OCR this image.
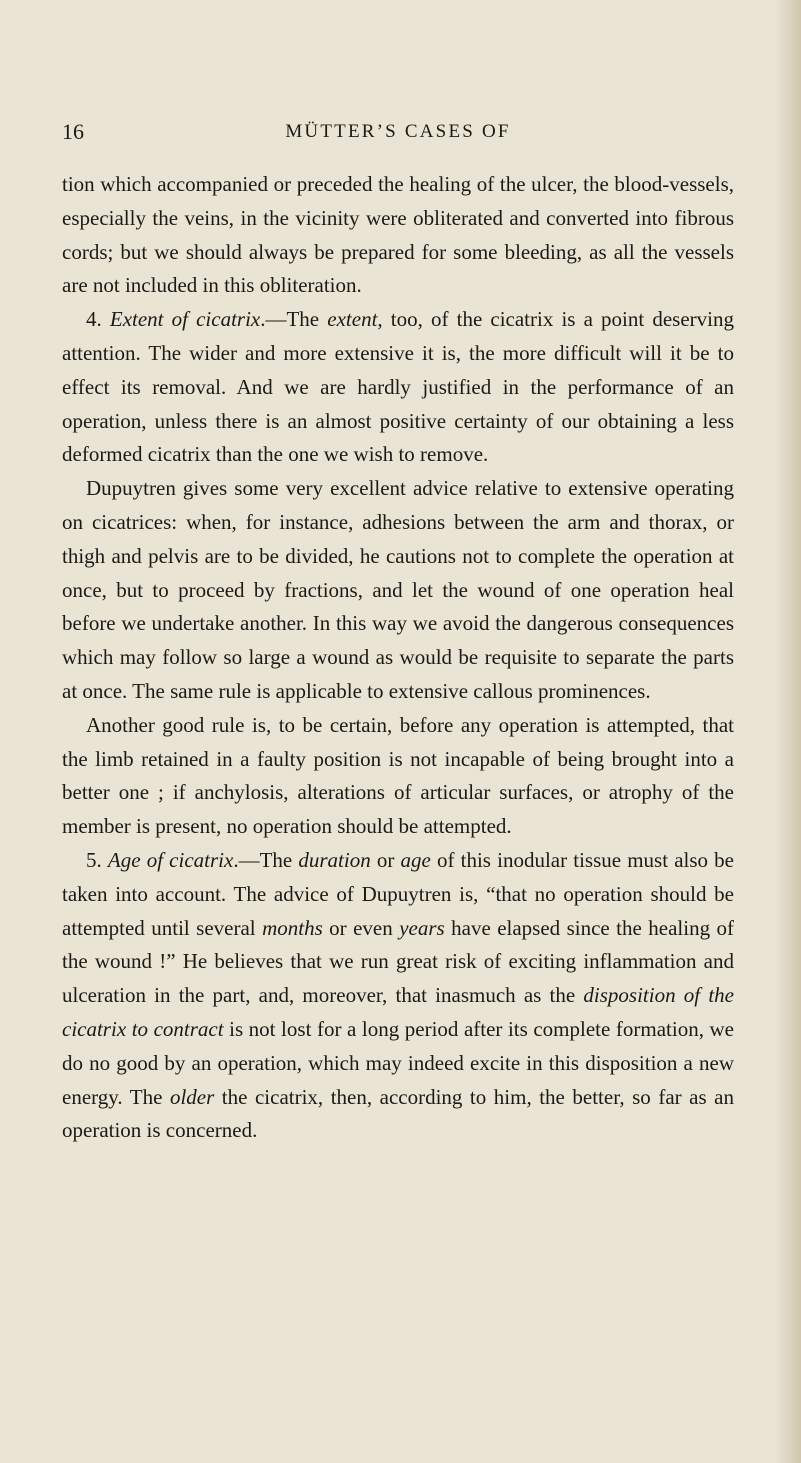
16	MÜTTER’S CASES OF

tion which accompanied or preceded the healing of the ulcer, the blood-vessels, especially the veins, in the vicinity were obliterated and converted into fibrous cords; but we should always be prepared for some bleeding, as all the vessels are not included in this obliteration.

4. Extent of cicatrix.—The extent, too, of the cicatrix is a point deserving attention. The wider and more extensive it is, the more difficult will it be to effect its removal. And we are hardly justified in the performance of an operation, unless there is an almost positive certainty of our obtaining a less deformed cicatrix than the one we wish to remove.

Dupuytren gives some very excellent advice relative to extensive operating on cicatrices: when, for instance, adhesions between the arm and thorax, or thigh and pelvis are to be divided, he cautions not to complete the operation at once, but to proceed by fractions, and let the wound of one operation heal before we undertake another. In this way we avoid the dangerous consequences which may follow so large a wound as would be requisite to separate the parts at once. The same rule is applicable to extensive callous prominences.

Another good rule is, to be certain, before any operation is attempted, that the limb retained in a faulty position is not incapable of being brought into a better one ; if anchylosis, alterations of articular surfaces, or atrophy of the member is present, no operation should be attempted.

5. Age of cicatrix.—The duration or age of this inodular tissue must also be taken into account. The advice of Dupuytren is, “that no operation should be attempted until several months or even years have elapsed since the healing of the wound !” He believes that we run great risk of exciting inflammation and ulceration in the part, and, moreover, that inasmuch as the disposition of the cicatrix to contract is not lost for a long period after its complete formation, we do no good by an operation, which may indeed excite in this disposition a new energy. The older the cicatrix, then, according to him, the better, so far as an operation is concerned.
